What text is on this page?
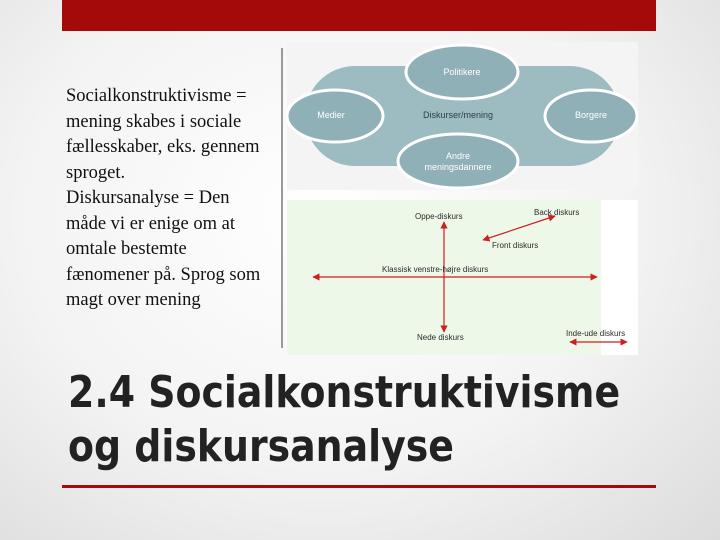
Socialkonstruktivisme = mening skabes i sociale fællesskaber, eks. gennem sproget.

Diskursanalyse = Den måde vi er enige om at omtale bestemte fænomener på. Sprog som magt over mening

Politikere
Medier	Borgere
Diskurser/mening
Andre
meningsdannere
Oppe-diskurs
Nede diskurs
Back diskurs
Front diskurs
Klassisk venstre-højre diskurs
Inde-ude diskurs
2.4 Socialkonstruktivisme
og diskursanalyse
